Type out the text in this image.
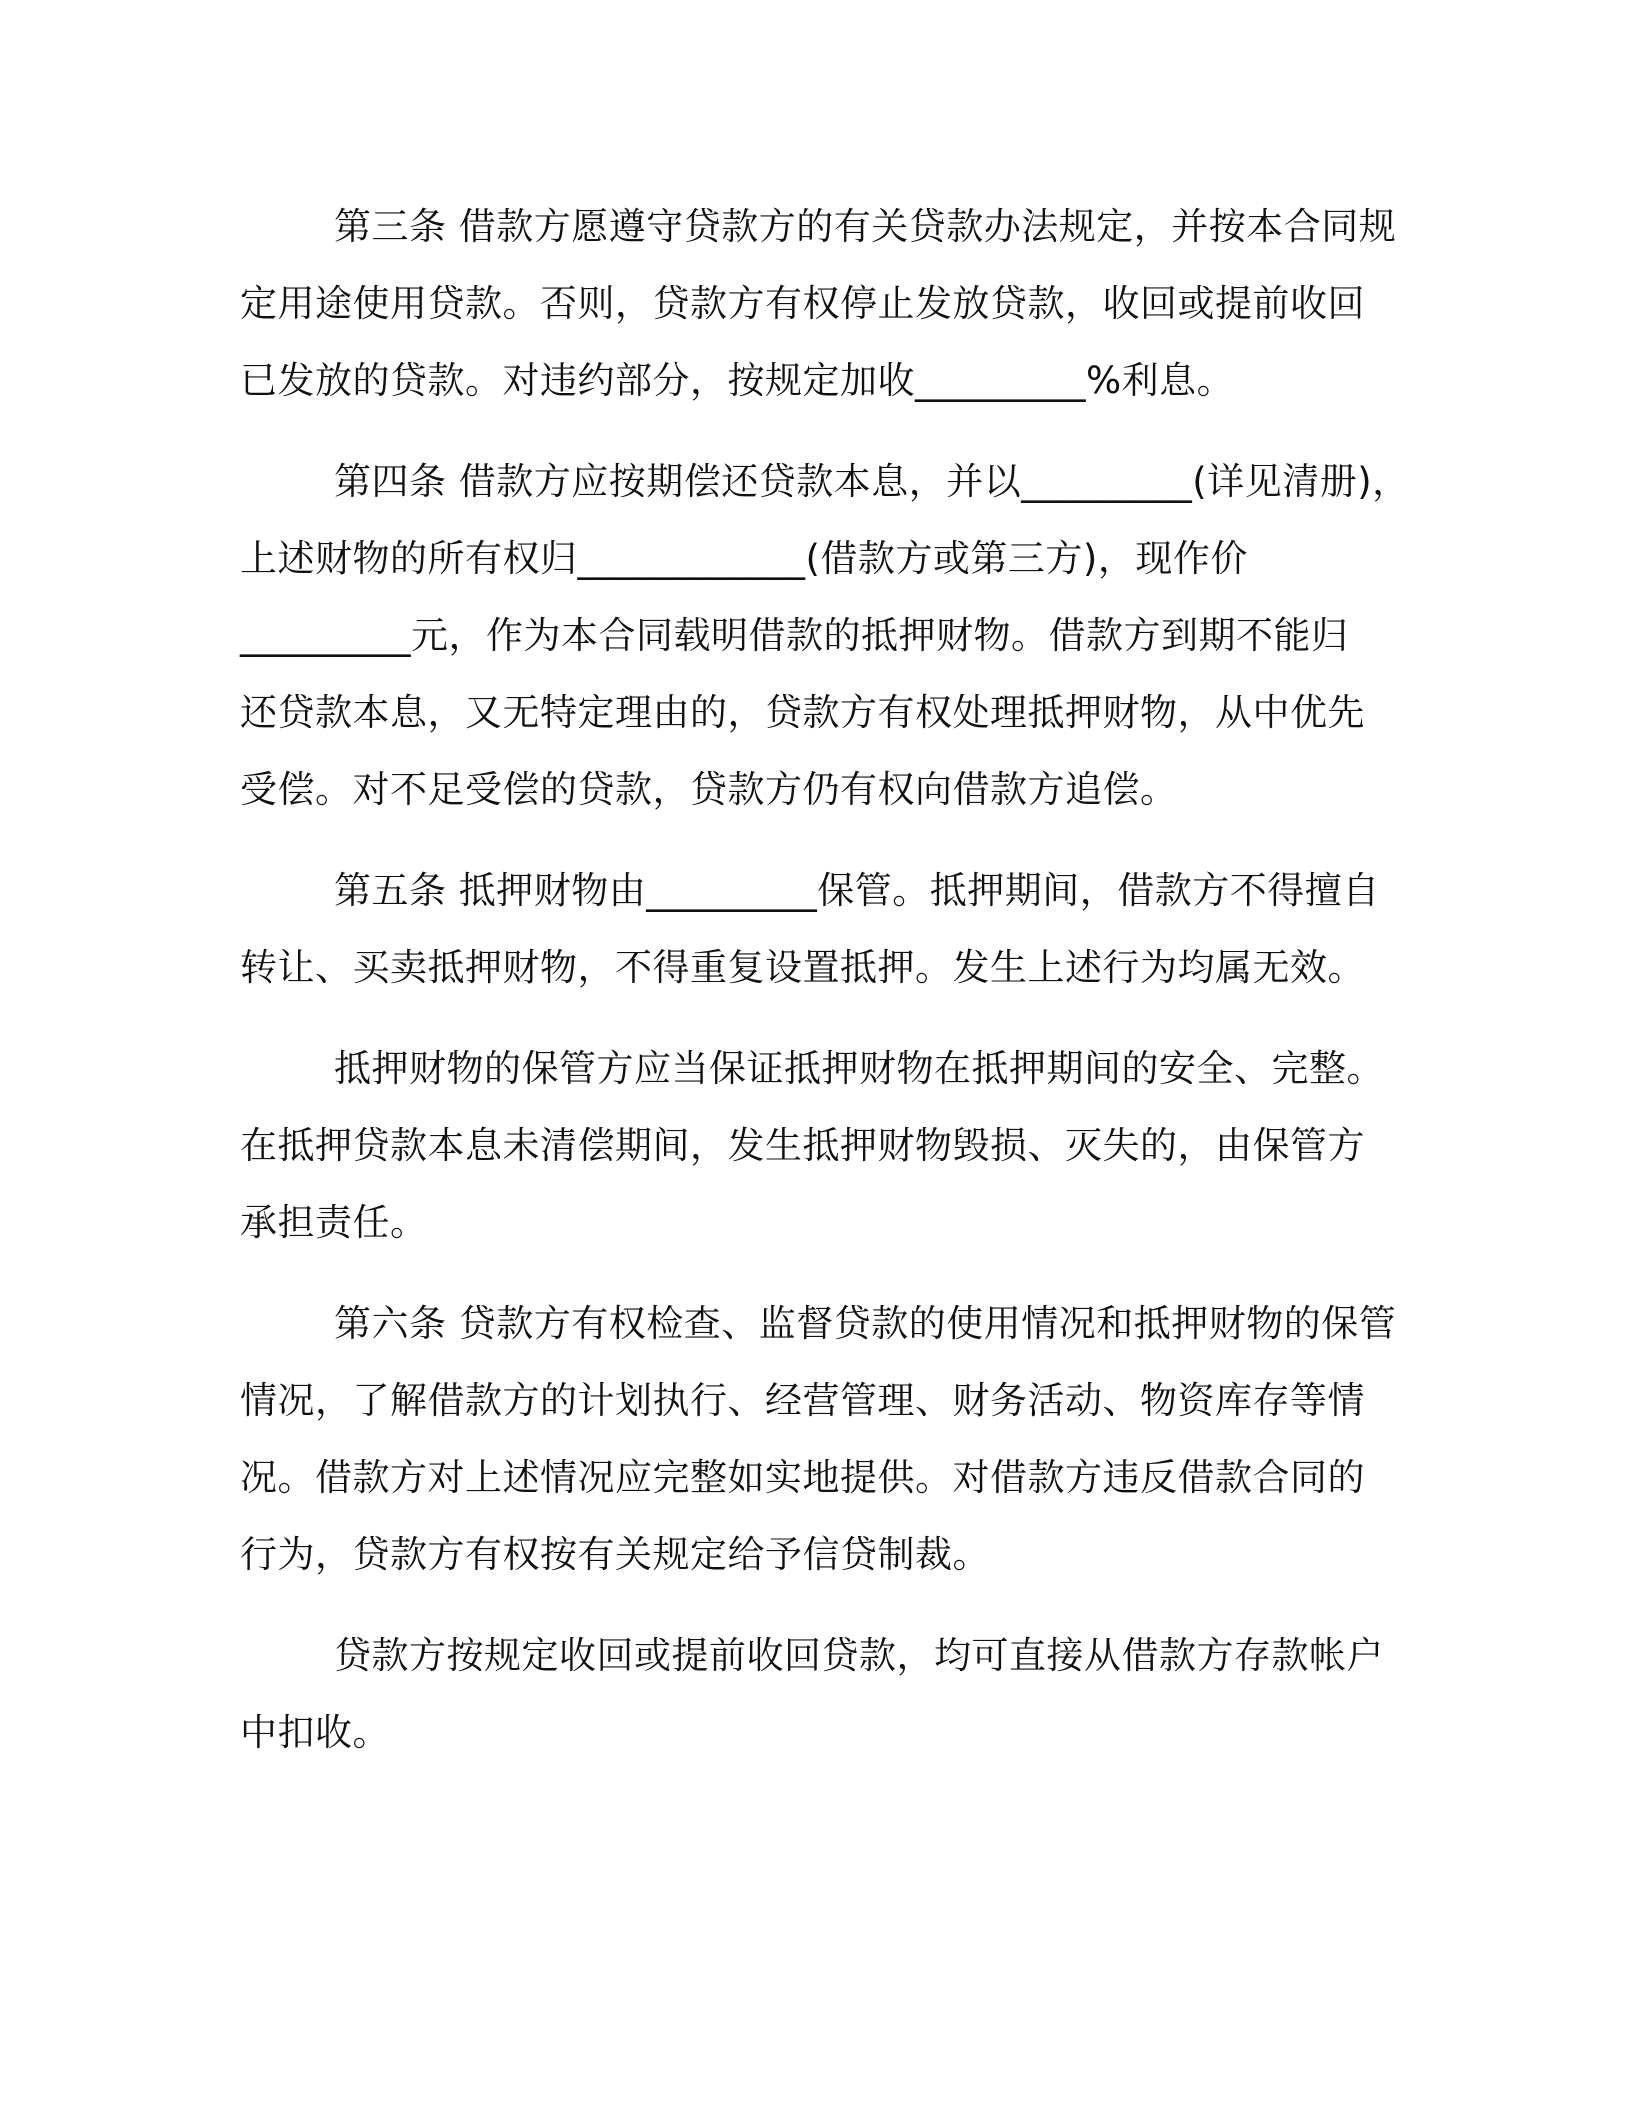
第三条 借款方愿遵守贷款方的有关贷款办法规定，并按本合同规
定用途使用贷款。否则，贷款方有权停止发放贷款，收回或提前收回
已发放的贷款。对违约部分，按规定加收_________%利息。

第四条 借款方应按期偿还贷款本息，并以_________(详见清册)，
上述财物的所有权归____________(借款方或第三方)，现作价
_________元，作为本合同载明借款的抵押财物。借款方到期不能归
还贷款本息，又无特定理由的，贷款方有权处理抵押财物，从中优先
受偿。对不足受偿的贷款，贷款方仍有权向借款方追偿。

第五条 抵押财物由_________保管。抵押期间，借款方不得擅自
转让、买卖抵押财物，不得重复设置抵押。发生上述行为均属无效。

抵押财物的保管方应当保证抵押财物在抵押期间的安全、完整。
在抵押贷款本息未清偿期间，发生抵押财物毁损、灭失的，由保管方
承担责任。

第六条 贷款方有权检查、监督贷款的使用情况和抵押财物的保管
情况，了解借款方的计划执行、经营管理、财务活动、物资库存等情
况。借款方对上述情况应完整如实地提供。对借款方违反借款合同的
行为，贷款方有权按有关规定给予信贷制裁。

贷款方按规定收回或提前收回贷款，均可直接从借款方存款帐户
中扣收。
